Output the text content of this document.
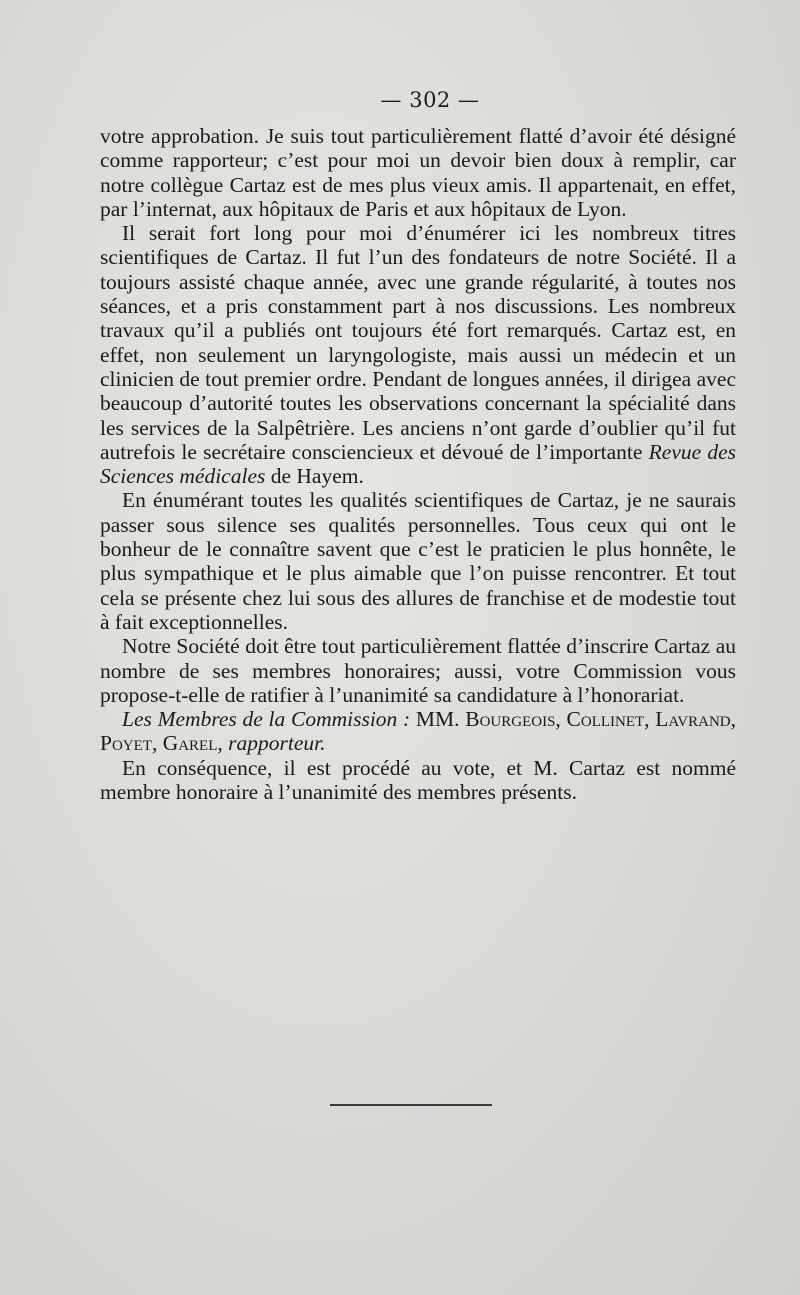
— 302 —

votre approbation. Je suis tout particulièrement flatté d’avoir été désigné comme rapporteur; c’est pour moi un devoir bien doux à remplir, car notre collègue Cartaz est de mes plus vieux amis. Il appartenait, en effet, par l’internat, aux hôpitaux de Paris et aux hôpitaux de Lyon.

Il serait fort long pour moi d’énumérer ici les nombreux titres scientifiques de Cartaz. Il fut l’un des fondateurs de notre Société. Il a toujours assisté chaque année, avec une grande régularité, à toutes nos séances, et a pris constamment part à nos discussions. Les nombreux travaux qu’il a publiés ont toujours été fort remarqués. Cartaz est, en effet, non seulement un laryngologiste, mais aussi un médecin et un clinicien de tout premier ordre. Pendant de longues années, il dirigea avec beaucoup d’autorité toutes les observations concernant la spécialité dans les services de la Salpêtrière. Les anciens n’ont garde d’oublier qu’il fut autrefois le secrétaire consciencieux et dévoué de l’importante Revue des Sciences médicales de Hayem.

En énumérant toutes les qualités scientifiques de Cartaz, je ne saurais passer sous silence ses qualités personnelles. Tous ceux qui ont le bonheur de le connaître savent que c’est le praticien le plus honnête, le plus sympathique et le plus aimable que l’on puisse rencontrer. Et tout cela se présente chez lui sous des allures de franchise et de modestie tout à fait exceptionnelles.

Notre Société doit être tout particulièrement flattée d’inscrire Cartaz au nombre de ses membres honoraires; aussi, votre Commission vous propose-t-elle de ratifier à l’unanimité sa candidature à l’honorariat.

Les Membres de la Commission : MM. Bourgeois, Collinet, Lavrand, Poyet, Garel, rapporteur.

En conséquence, il est procédé au vote, et M. Cartaz est nommé membre honoraire à l’unanimité des membres présents.
